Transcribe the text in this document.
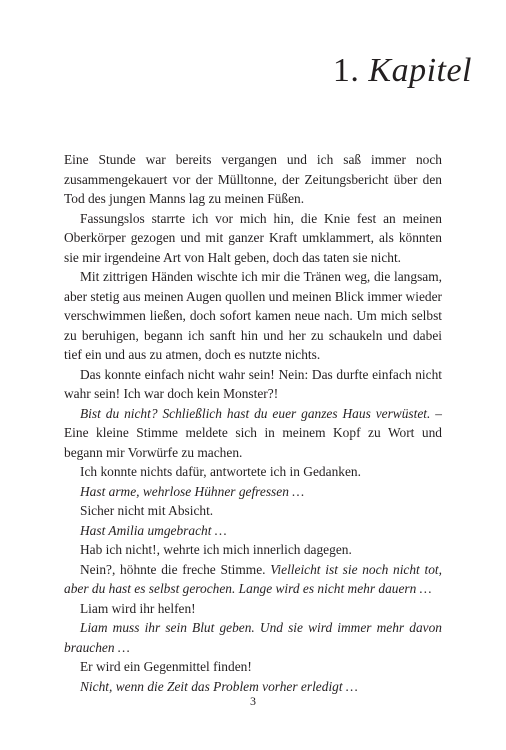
1. Kapitel

Eine Stunde war bereits vergangen und ich saß immer noch zusammengekauert vor der Mülltonne, der Zeitungsbericht über den Tod des jungen Manns lag zu meinen Füßen.

Fassungslos starrte ich vor mich hin, die Knie fest an meinen Oberkörper gezogen und mit ganzer Kraft umklammert, als könnten sie mir irgendeine Art von Halt geben, doch das taten sie nicht.

Mit zittrigen Händen wischte ich mir die Tränen weg, die langsam, aber stetig aus meinen Augen quollen und meinen Blick immer wieder verschwimmen ließen, doch sofort kamen neue nach. Um mich selbst zu beruhigen, begann ich sanft hin und her zu schaukeln und dabei tief ein und aus zu atmen, doch es nutzte nichts.

Das konnte einfach nicht wahr sein! Nein: Das durfte einfach nicht wahr sein! Ich war doch kein Monster?!

Bist du nicht? Schließlich hast du euer ganzes Haus verwüstet. – Eine kleine Stimme meldete sich in meinem Kopf zu Wort und begann mir Vorwürfe zu machen.

Ich konnte nichts dafür, antwortete ich in Gedanken.

Hast arme, wehrlose Hühner gefressen …

Sicher nicht mit Absicht.

Hast Amilia umgebracht …

Hab ich nicht!, wehrte ich mich innerlich dagegen.

Nein?, höhnte die freche Stimme. Vielleicht ist sie noch nicht tot, aber du hast es selbst gerochen. Lange wird es nicht mehr dauern …

Liam wird ihr helfen!

Liam muss ihr sein Blut geben. Und sie wird immer mehr davon brauchen …

Er wird ein Gegenmittel finden!

Nicht, wenn die Zeit das Problem vorher erledigt …

3
